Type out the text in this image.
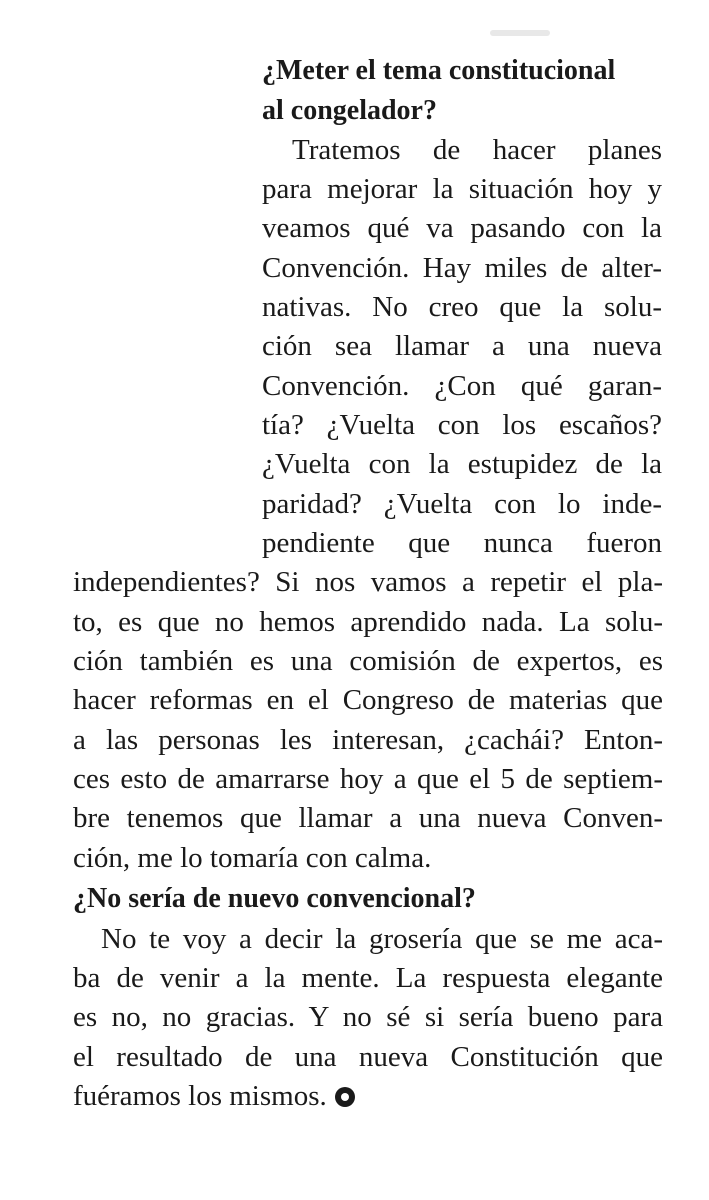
¿Meter el tema constitucional
al congelador?
Tratemos de hacer planes
para mejorar la situación hoy y
veamos qué va pasando con la
Convención. Hay miles de alter-
nativas. No creo que la solu-
ción sea llamar a una nueva
Convención. ¿Con qué garan-
tía? ¿Vuelta con los escaños?
¿Vuelta con la estupidez de la
paridad? ¿Vuelta con lo inde-
pendiente que nunca fueron
independientes? Si nos vamos a repetir el pla-
to, es que no hemos aprendido nada. La solu-
ción también es una comisión de expertos, es
hacer reformas en el Congreso de materias que
a las personas les interesan, ¿cachái? Enton-
ces esto de amarrarse hoy a que el 5 de septiem-
bre tenemos que llamar a una nueva Conven-
ción, me lo tomaría con calma.
¿No sería de nuevo convencional?
No te voy a decir la grosería que se me aca-
ba de venir a la mente. La respuesta elegante
es no, no gracias. Y no sé si sería bueno para
el resultado de una nueva Constitución que
fuéramos los mismos.
